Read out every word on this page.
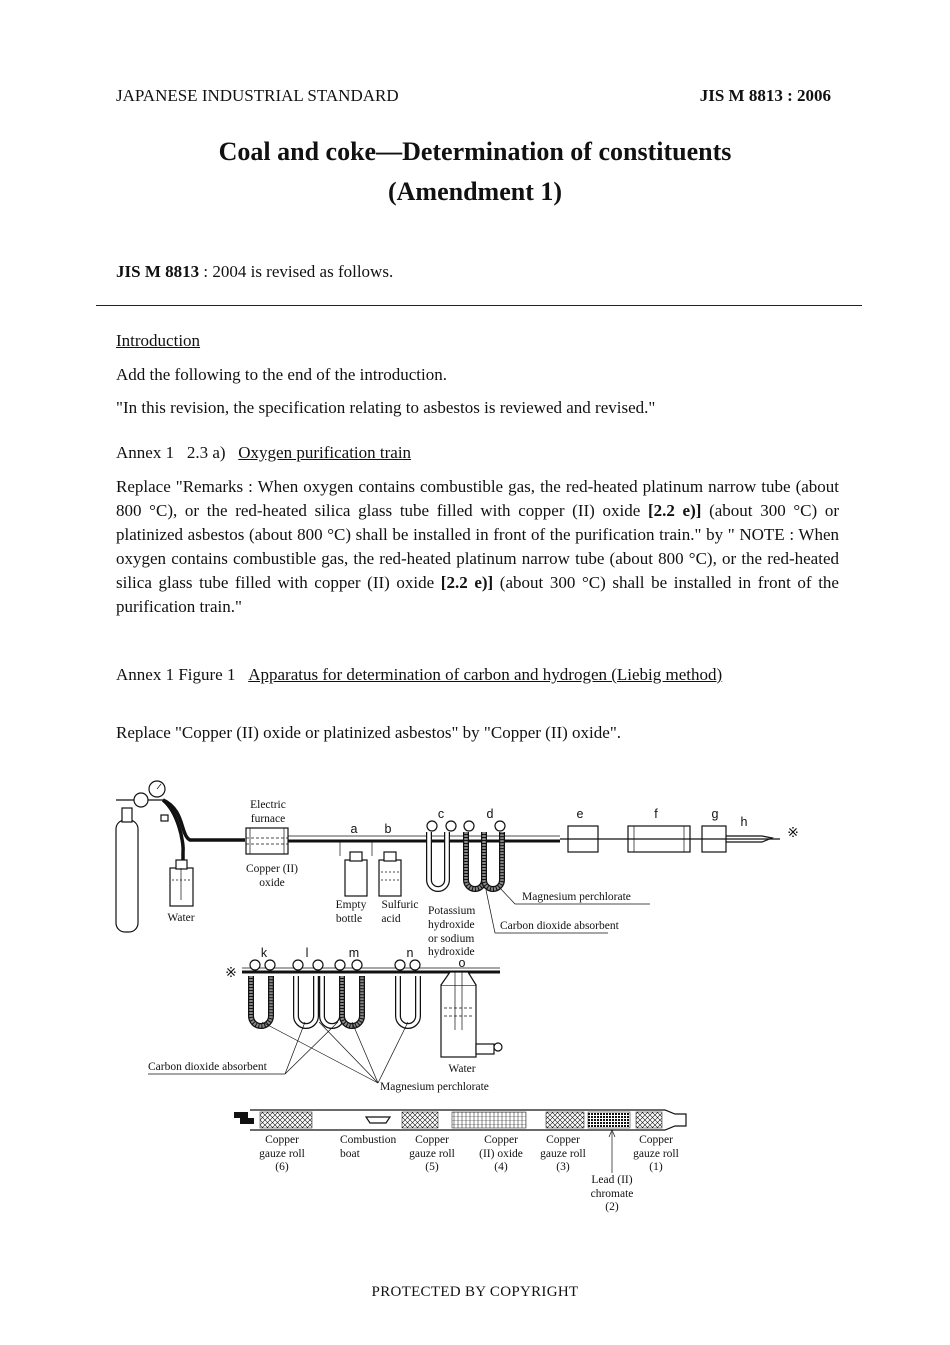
JAPANESE INDUSTRIAL STANDARD	JIS M 8813 : 2006
Coal and coke—Determination of constituents
(Amendment 1)
JIS M 8813 : 2004 is revised as follows.
Introduction
Add the following to the end of the introduction.
"In this revision, the specification relating to asbestos is reviewed and revised."
Annex 1   2.3 a) Oxygen purification train
Replace "Remarks : When oxygen contains combustible gas, the red-heated platinum narrow tube (about 800 °C), or the red-heated silica glass tube filled with copper (II) oxide [2.2 e)] (about 300 °C) or platinized asbestos (about 800 °C) shall be installed in front of the purification train." by " NOTE : When oxygen contains combustible gas, the red-heated platinum narrow tube (about 800 °C), or the red-heated silica glass tube filled with copper (II) oxide [2.2 e)] (about 300 °C) shall be installed in front of the purification train."
Annex 1 Figure 1 Apparatus for determination of carbon and hydrogen (Liebig method)
Replace "Copper (II) oxide or platinized asbestos" by "Copper (II) oxide".
Electric
furnace
Copper (II)
oxide
Water
Empty
bottle
Sulfuric
acid
Potassium
hydroxide
or sodium
hydroxide
Magnesium perchlorate
Carbon dioxide absorbent
a b
c	d	e	f	g
h
※
※
k	l	m	n
o
Water
Carbon dioxide absorbent
Magnesium perchlorate
Copper
gauze roll
(6)
Combustion
boat
Copper
gauze roll
(5)
Copper
(II) oxide
(4)
Copper
gauze roll
(3)
Lead (II)
chromate
(2)
Copper
gauze roll
(1)
PROTECTED BY COPYRIGHT
